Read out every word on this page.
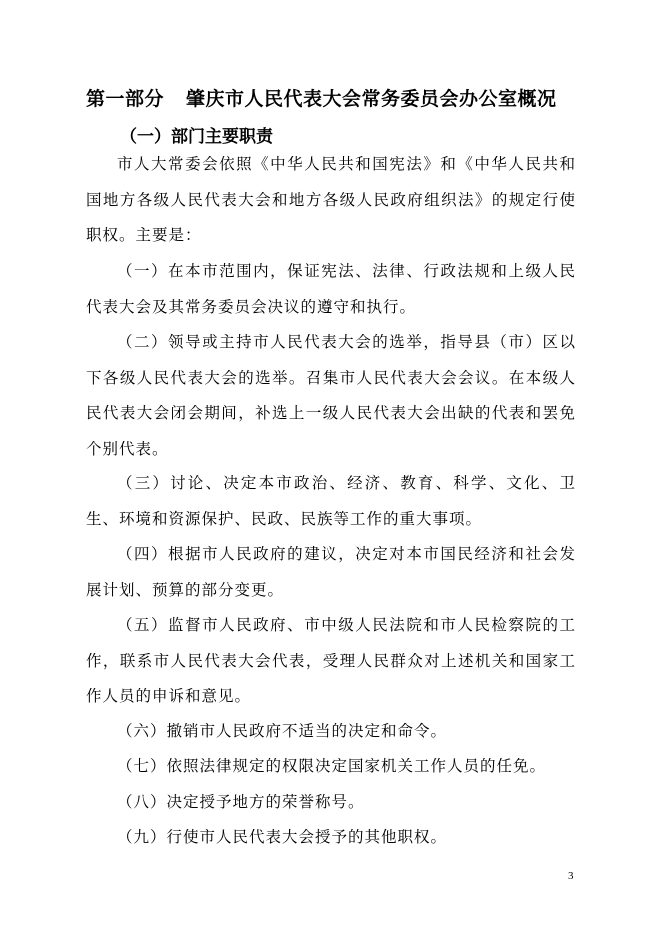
第一部分 肇庆市人民代表大会常务委员会办公室概况
（一）部门主要职责

市人大常委会依照《中华人民共和国宪法》和《中华人民共和国地方各级人民代表大会和地方各级人民政府组织法》的规定行使职权。主要是：

（一）在本市范围内，保证宪法、法律、行政法规和上级人民代表大会及其常务委员会决议的遵守和执行。

（二）领导或主持市人民代表大会的选举，指导县（市）区以下各级人民代表大会的选举。召集市人民代表大会会议。在本级人民代表大会闭会期间，补选上一级人民代表大会出缺的代表和罢免个别代表。

（三）讨论、决定本市政治、经济、教育、科学、文化、卫生、环境和资源保护、民政、民族等工作的重大事项。

（四）根据市人民政府的建议，决定对本市国民经济和社会发展计划、预算的部分变更。

（五）监督市人民政府、市中级人民法院和市人民检察院的工作，联系市人民代表大会代表，受理人民群众对上述机关和国家工作人员的申诉和意见。

（六）撤销市人民政府不适当的决定和命令。

（七）依照法律规定的权限决定国家机关工作人员的任免。

（八）决定授予地方的荣誉称号。

（九）行使市人民代表大会授予的其他职权。

3
